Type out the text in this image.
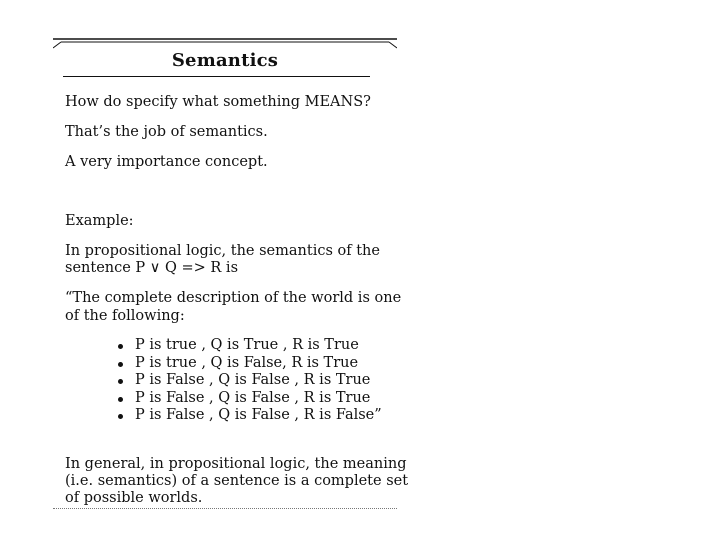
Semantics
How do specify what something MEANS?
That’s the job of semantics.
A very importance concept.
Example:
In propositional logic, the semantics of the
sentence P ∨ Q => R is
“The complete description of the world is one
of the following:
P is true , Q is True , R is True
P is true , Q is False, R is True
P is False , Q is False , R is True
P is False , Q is False , R is True
P is False , Q is False , R is False”
In general, in propositional logic, the meaning
(i.e. semantics) of a sentence is a complete set
of possible worlds.
